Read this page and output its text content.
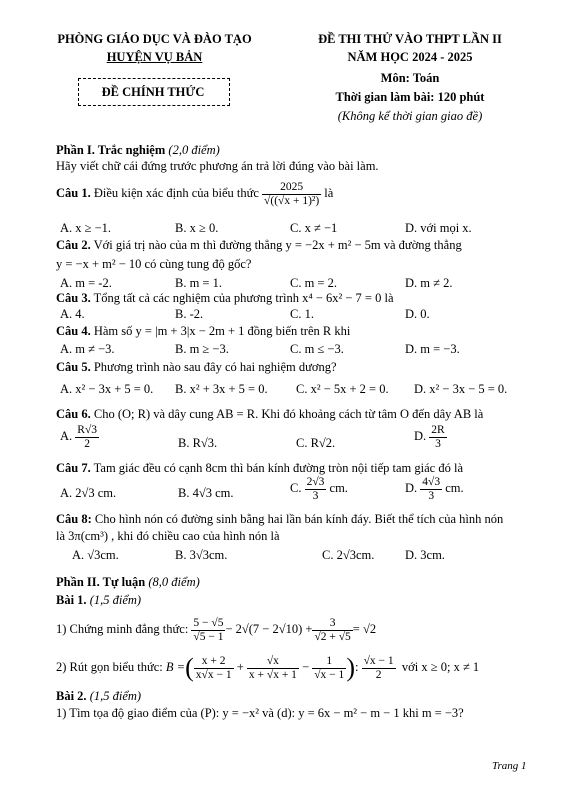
PHÒNG GIÁO DỤC VÀ ĐÀO TẠO
HUYỆN VỤ BẢN
ĐỀ CHÍNH THỨC
ĐỀ THI THỬ VÀO THPT LẦN II
NĂM HỌC 2024 - 2025
Môn: Toán
Thời gian làm bài: 120 phút
(Không kể thời gian giao đề)
Phần I. Trắc nghiệm (2,0 điểm)
Hãy viết chữ cái đứng trước phương án trả lời đúng vào bài làm.
Câu 1.
Điều kiện xác định của biểu thức
$\frac{2025}{\text{√((√x + 1)²)}}$
là
A. x ≥ −1.	B. x ≥ 0.	C. x ≠ −1	D. với mọi x.
Câu 2. Với giá trị nào của m thì đường thẳng y = −2x + m² − 5m và đường thẳng
y = −x + m² − 10 có cùng tung độ gốc?
A. m = -2.	B. m = 1.	C. m = 2.	D. m ≠ 2.
Câu 3. Tổng tất cả các nghiệm của phương trình x⁴ − 6x² − 7 = 0 là
A. 4.	B. -2.	C. 1.	D. 0.
Câu 4. Hàm số y = |m + 3|x − 2m + 1 đồng biến trên R khi
A. m ≠ −3.	B. m ≥ −3.	C. m ≤ −3.	D. m = −3.
Câu 5. Phương trình nào sau đây có hai nghiệm dương?
A. x² − 3x + 5 = 0. B. x² + 3x + 5 = 0. C. x² − 5x + 2 = 0. D. x² − 3x − 5 = 0.
Câu 6. Cho (O; R) và dây cung AB = R. Khi đó khoảng cách từ tâm O đến dây AB là
A.
$\frac{R√3}{2}$	B. R√3.	C. R√2.	D.
$\frac{2R}{3}$
Câu 7. Tam giác đều có cạnh 8cm thì bán kính đường tròn nội tiếp tam giác đó là
A. 2√3 cm.	B. 4√3 cm.	C.
$\frac{2√3}{3}$
cm.	D.
$\frac{4√3}{3}$
cm.
Câu 8: Cho hình nón có đường sinh bằng hai lần bán kính đáy. Biết thể tích của hình nón
là 3π(cm³) , khi đó chiều cao của hình nón là
A. √3cm.	B. 3√3cm.	C. 2√3cm. D. 3cm.
Phần II. Tự luận (8,0 điểm)
Bài 1. (1,5 điểm)
1) Chứng minh đẳng thức:
$\frac{5 - √5}{√5 - 1} - 2√(7 - 2√10) + \frac{3}{√2 + √5} = √2$
2) Rút gọn biểu thức:
B = ( $\frac{x + 2}{x√x - 1} + \frac{√x}{x + √x + 1} - \frac{1}{√x - 1}$ ) : $\frac{√x - 1}{2}$
với x ≥ 0; x ≠ 1
Bài 2. (1,5 điểm)
1) Tìm tọa độ giao điểm của (P): y = −x² và (d): y = 6x − m² − m − 1 khi m = −3?
Trang 1
